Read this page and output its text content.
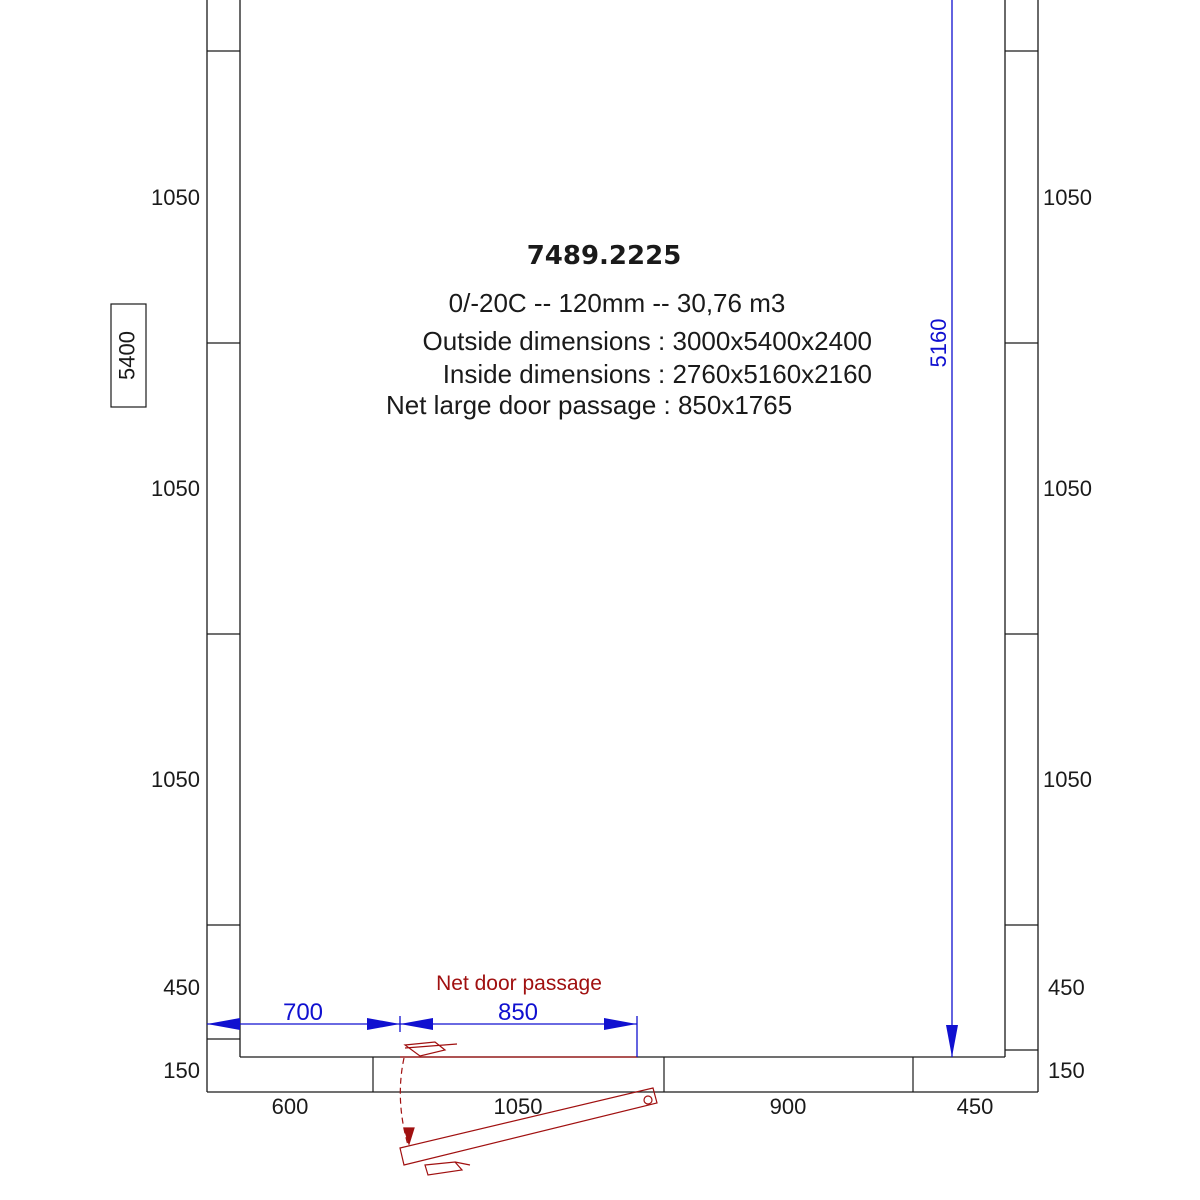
5400
1050
1050
1050
450
150
1050
1050
1050
450
150
600	1050	900	450
700	850
Net door passage
5160
7489.2225
0/-20C -- 120mm -- 30,76 m3
Outside dimensions : 3000x5400x2400
Inside dimensions : 2760x5160x2160
Net large door passage : 850x1765
